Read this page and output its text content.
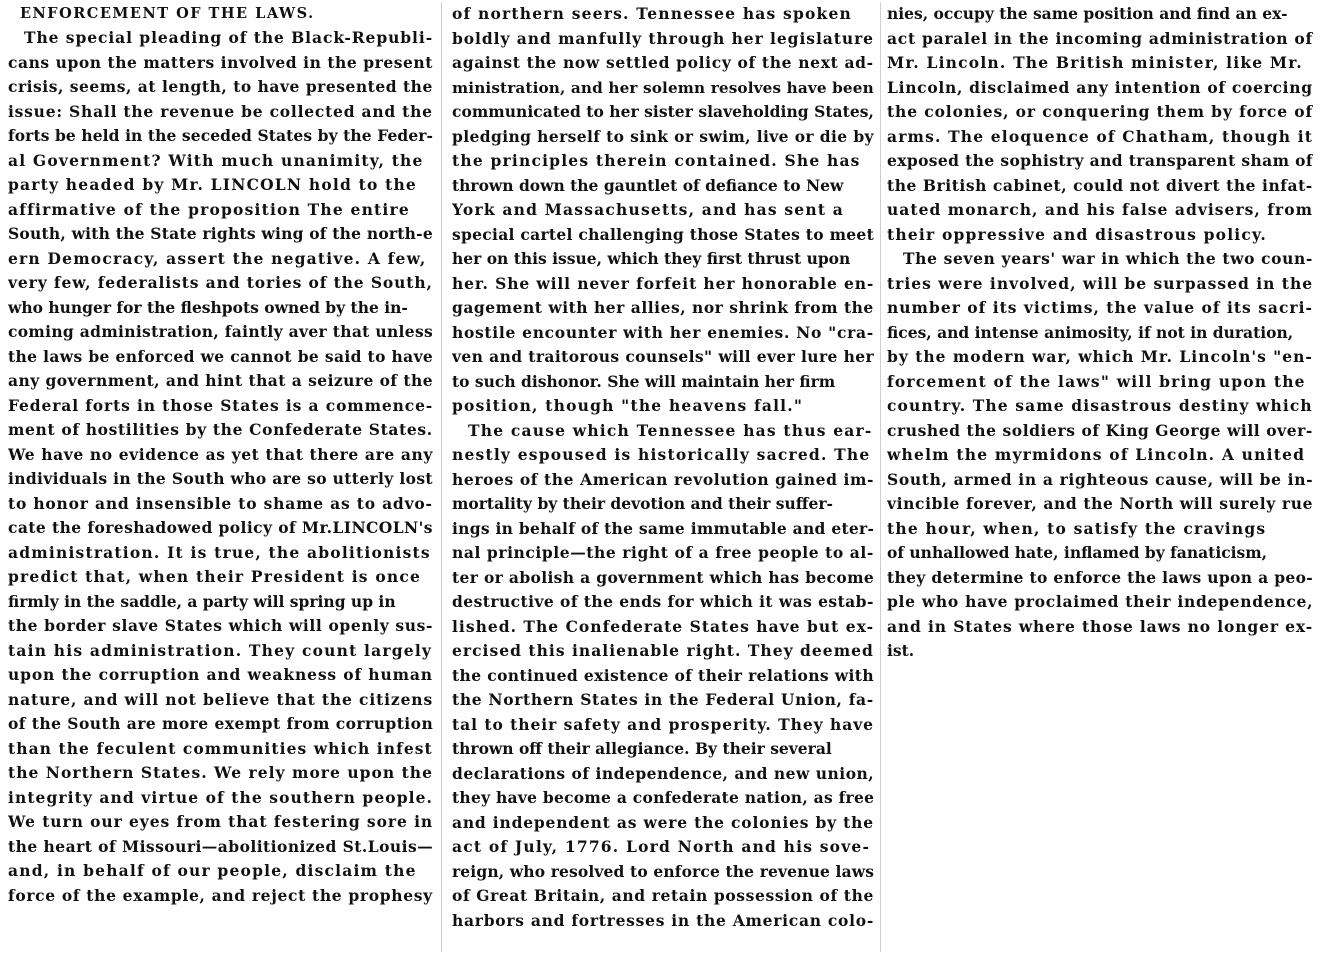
ENFORCEMENT OF THE LAWS.
The special pleading of the Black-Republi-
cans upon the matters involved in the present
crisis, seems, at length, to have presented the
issue: Shall the revenue be collected and the
forts be held in the seceded States by the Feder-
al Government? With much unanimity, the
party headed by Mr. LINCOLN hold to the
affirmative of the proposition The entire
South, with the State rights wing of the north-e
ern Democracy, assert the negative. A few,
very few, federalists and tories of the South,
who hunger for the fleshpots owned by the in-
coming administration, faintly aver that unless
the laws be enforced we cannot be said to have
any government, and hint that a seizure of the
Federal forts in those States is a commence-
ment of hostilities by the Confederate States.
We have no evidence as yet that there are any
individuals in the South who are so utterly lost
to honor and insensible to shame as to advo-
cate the foreshadowed policy of Mr.LINCOLN's
administration. It is true, the abolitionists
predict that, when their President is once
firmly in the saddle, a party will spring up in
the border slave States which will openly sus-
tain his administration. They count largely
upon the corruption and weakness of human
nature, and will not believe that the citizens
of the South are more exempt from corruption
than the feculent communities which infest
the Northern States. We rely more upon the
integrity and virtue of the southern people.
We turn our eyes from that festering sore in
the heart of Missouri—abolitionized St.Louis—
and, in behalf of our people, disclaim the
force of the example, and reject the prophesy
of northern seers. Tennessee has spoken
boldly and manfully through her legislature
against the now settled policy of the next ad-
ministration, and her solemn resolves have been
communicated to her sister slaveholding States,
pledging herself to sink or swim, live or die by
the principles therein contained. She has
thrown down the gauntlet of defiance to New
York and Massachusetts, and has sent a
special cartel challenging those States to meet
her on this issue, which they first thrust upon
her. She will never forfeit her honorable en-
gagement with her allies, nor shrink from the
hostile encounter with her enemies. No "cra-
ven and traitorous counsels" will ever lure her
to such dishonor. She will maintain her firm
position, though "the heavens fall."
The cause which Tennessee has thus ear-
nestly espoused is historically sacred. The
heroes of the American revolution gained im-
mortality by their devotion and their suffer-
ings in behalf of the same immutable and eter-
nal principle—the right of a free people to al-
ter or abolish a government which has become
destructive of the ends for which it was estab-
lished. The Confederate States have but ex-
ercised this inalienable right. They deemed
the continued existence of their relations with
the Northern States in the Federal Union, fa-
tal to their safety and prosperity. They have
thrown off their allegiance. By their several
declarations of independence, and new union,
they have become a confederate nation, as free
and independent as were the colonies by the
act of July, 1776. Lord North and his sove-
reign, who resolved to enforce the revenue laws
of Great Britain, and retain possession of the
harbors and fortresses in the American colo-
nies, occupy the same position and find an ex-
act paralel in the incoming administration of
Mr. Lincoln. The British minister, like Mr.
Lincoln, disclaimed any intention of coercing
the colonies, or conquering them by force of
arms. The eloquence of Chatham, though it
exposed the sophistry and transparent sham of
the British cabinet, could not divert the infat-
uated monarch, and his false advisers, from
their oppressive and disastrous policy.
The seven years' war in which the two coun-
tries were involved, will be surpassed in the
number of its victims, the value of its sacri-
fices, and intense animosity, if not in duration,
by the modern war, which Mr. Lincoln's "en-
forcement of the laws" will bring upon the
country. The same disastrous destiny which
crushed the soldiers of King George will over-
whelm the myrmidons of Lincoln. A united
South, armed in a righteous cause, will be in-
vincible forever, and the North will surely rue
the hour, when, to satisfy the cravings
of unhallowed hate, inflamed by fanaticism,
they determine to enforce the laws upon a peo-
ple who have proclaimed their independence,
and in States where those laws no longer ex-
ist.
